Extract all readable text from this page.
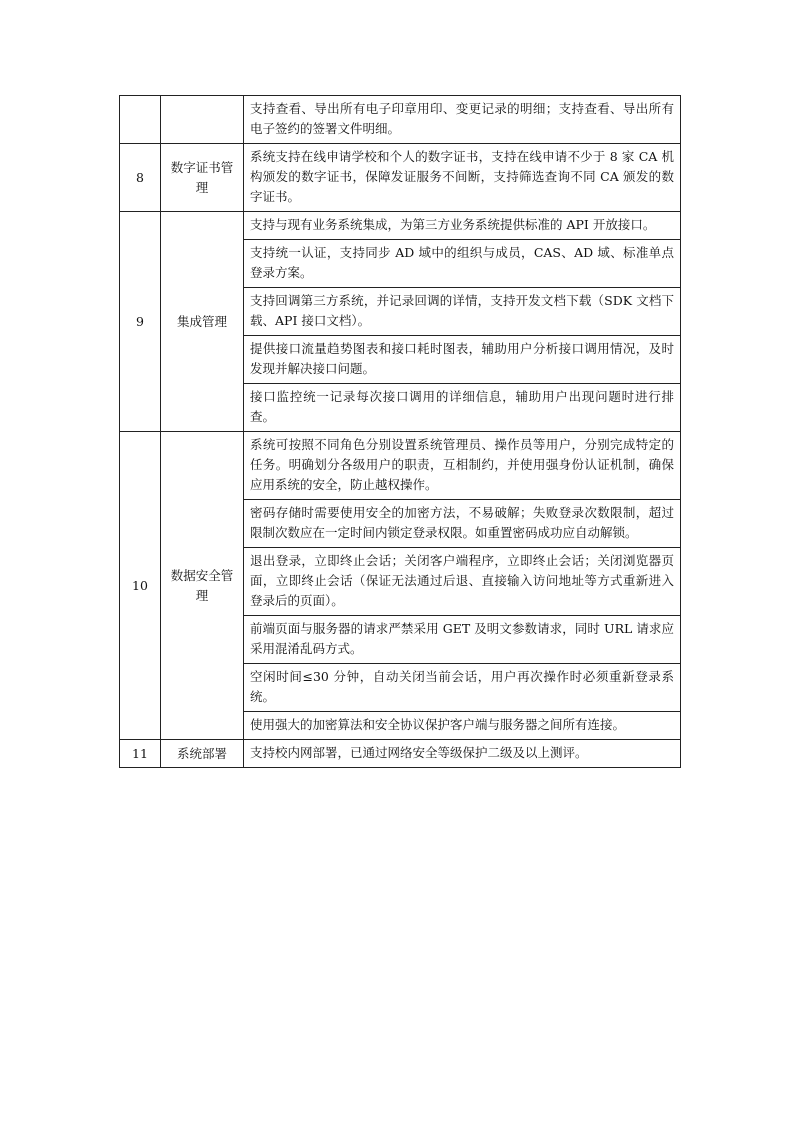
		支持查看、导出所有电子印章用印、变更记录的明细；支持查看、导出所有电子签约的签署文件明细。
8	数字证书管理	系统支持在线申请学校和个人的数字证书，支持在线申请不少于 8 家 CA 机构颁发的数字证书，保障发证服务不间断，支持筛选查询不同 CA 颁发的数字证书。
9	集成管理	支持与现有业务系统集成，为第三方业务系统提供标准的 API 开放接口。
		支持统一认证，支持同步 AD 域中的组织与成员，CAS、AD 域、标准单点登录方案。
		支持回调第三方系统，并记录回调的详情，支持开发文档下载（SDK 文档下载、API 接口文档）。
		提供接口流量趋势图表和接口耗时图表，辅助用户分析接口调用情况，及时发现并解决接口问题。
		接口监控统一记录每次接口调用的详细信息，辅助用户出现问题时进行排查。
10	数据安全管理	系统可按照不同角色分别设置系统管理员、操作员等用户，分别完成特定的任务。明确划分各级用户的职责，互相制约，并使用强身份认证机制，确保应用系统的安全，防止越权操作。
		密码存储时需要使用安全的加密方法，不易破解；失败登录次数限制，超过限制次数应在一定时间内锁定登录权限。如重置密码成功应自动解锁。
		退出登录，立即终止会话；关闭客户端程序，立即终止会话；关闭浏览器页面，立即终止会话（保证无法通过后退、直接输入访问地址等方式重新进入登录后的页面）。
		前端页面与服务器的请求严禁采用 GET 及明文参数请求，同时 URL 请求应采用混淆乱码方式。
		空闲时间≤30 分钟，自动关闭当前会话，用户再次操作时必须重新登录系统。
		使用强大的加密算法和安全协议保护客户端与服务器之间所有连接。
11	系统部署	支持校内网部署，已通过网络安全等级保护二级及以上测评。
